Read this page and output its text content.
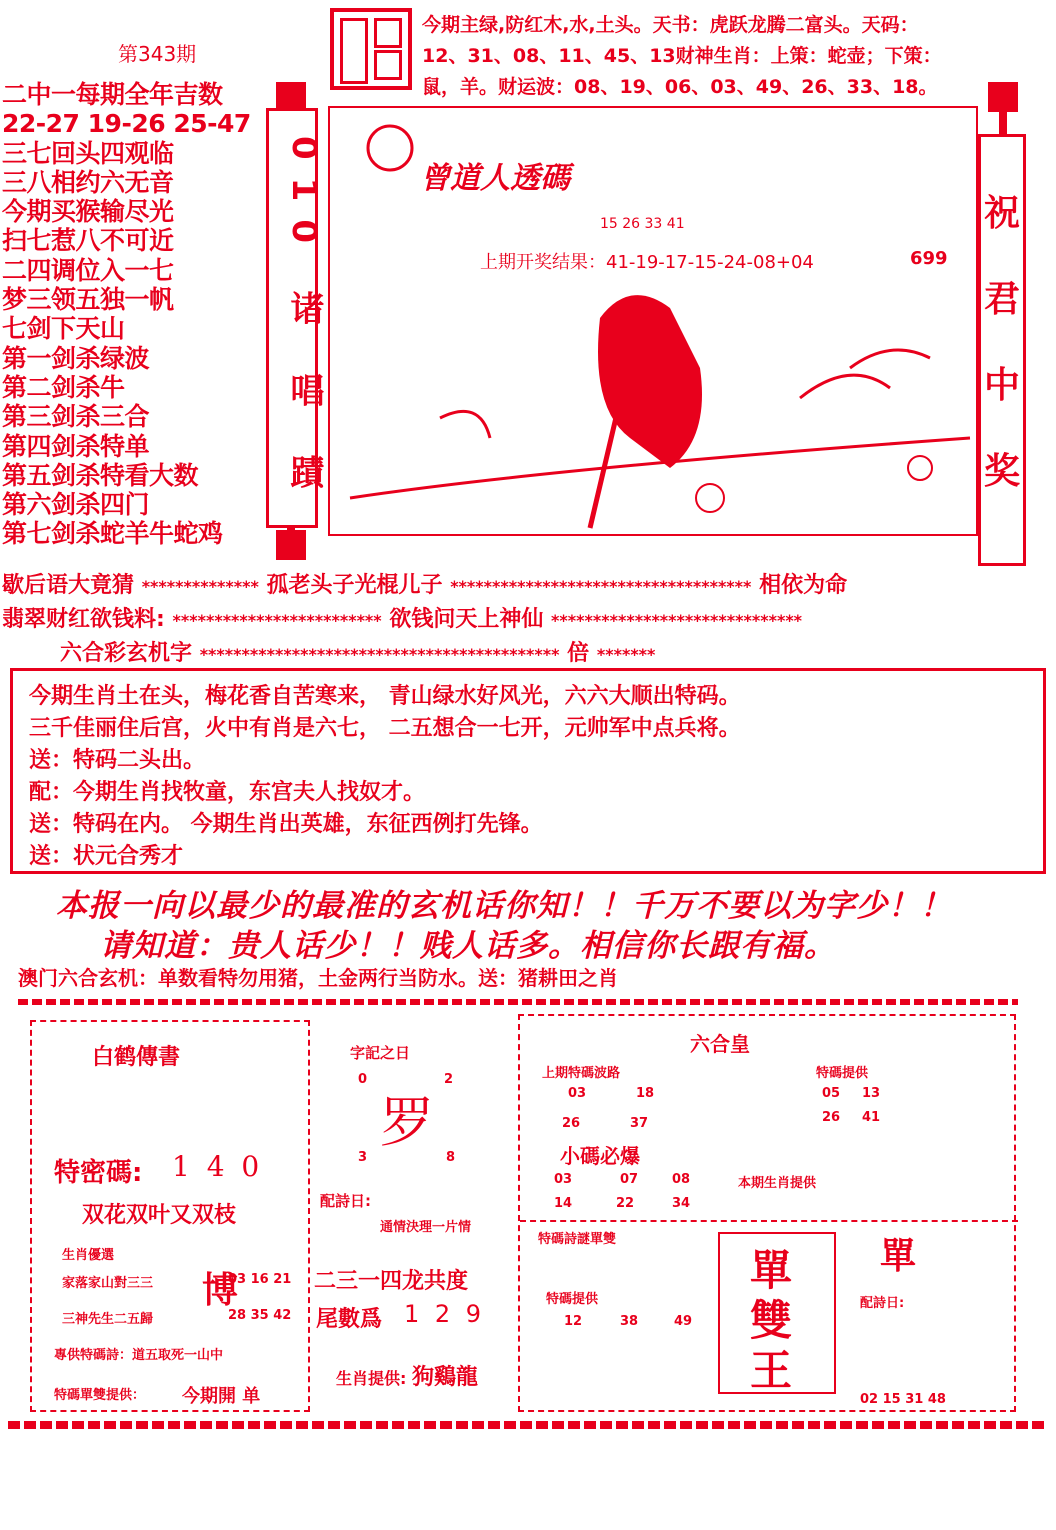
第343期
二中一每期全年吉数
22-27 19-26 25-47
三七回头四观临
三八相约六无音
今期买猴输尽光
扫七惹八不可近
二四调位入一七
梦三领五独一帆
七剑下天山
第一剑杀绿波
第二剑杀牛
第三剑杀三合
第四剑杀特单
第五剑杀特看大数
第六剑杀四门
第七剑杀蛇羊牛蛇鸡
今期主绿,防红木,水,土头。天书：虎跃龙腾二富头。天码：
12、31、08、11、45、13财神生肖：上策：蛇壶；下策：
鼠，羊。财运波：08、19、06、03、49、26、33、18。
010 诸 唱 蹟	曾道人透碼
15 26 33 41
上期开奖结果：41-19-17-15-24-08+04	699
祝
君
中
奖
歇后语大竟猜 ************** 孤老头子光棍儿子 ************************************ 相依为命
翡翠财红欲钱料: ************************* 欲钱问天上神仙 ******************************
六合彩玄机字 ******************************************* 倍 *******
今期生肖土在头，梅花香自苦寒来， 青山绿水好风光，六六大顺出特码。
三千佳丽住后宫，火中有肖是六七， 二五想合一七开，元帅军中点兵将。
送：特码二头出。
配：今期生肖找牧童，东宫夫人找奴才。
送：特码在内。 今期生肖出英雄，东征西例打先锋。
送：状元合秀才
本报一向以最少的最准的玄机话你知！！千万不要以为字少！！
请知道：贵人话少！！贱人话多。相信你长跟有福。
澳门六合玄机：单数看特勿用猪，土金两行当防水。送：猪耕田之肖
白鹤傳書
特密碼: 1 4 0
双花双叶又双枝
生肖優選
家落家山對三三
三神先生二五歸
博
03 16 21
28 35 42
專供特碼詩：道五取死一山中
特碼單雙提供： 今期開 单
字記之日
罗
0	2
3	8
配詩日:
通情決理一片情
二三一四龙共度
尾數爲 1 2 9
生肖提供: 狗鷄龍
六合皇
上期特碼波路
03	18
26	37
特碼提供
05 13
26 41
小碼必爆
03	07	08
14	22	34
本期生肖提供
特碼詩謎單雙
特碼提供
12	38	49
單
雙
王
單
配詩日:
02 15 31 48
